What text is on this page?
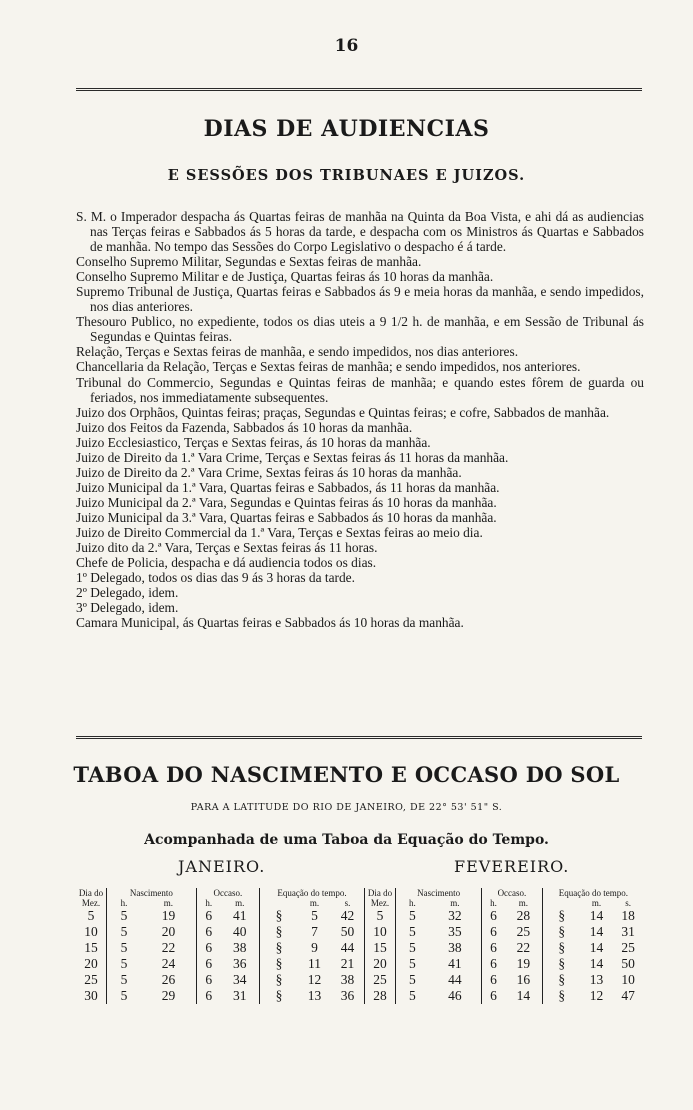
16
DIAS DE AUDIENCIAS
E SESSÕES DOS TRIBUNAES E JUIZOS.
S. M. o Imperador despacha ás Quartas feiras de manhãa na Quinta da Boa Vista, e ahi dá as audiencias nas Terças feiras e Sabbados ás 5 horas da tarde, e despacha com os Ministros ás Quartas e Sabbados de manhãa. No tempo das Sessões do Corpo Legislativo o despacho é á tarde.
Conselho Supremo Militar, Segundas e Sextas feiras de manhãa.
Conselho Supremo Militar e de Justiça, Quartas feiras ás 10 horas da manhãa.
Supremo Tribunal de Justiça, Quartas feiras e Sabbados ás 9 e meia horas da manhãa, e sendo impedidos, nos dias anteriores.
Thesouro Publico, no expediente, todos os dias uteis a 9 1/2 h. de manhãa, e em Sessão de Tribunal ás Segundas e Quintas feiras.
Relação, Terças e Sextas feiras de manhãa, e sendo impedidos, nos dias anteriores.
Chancellaria da Relação, Terças e Sextas feiras de manhãa; e sendo impedidos, nos anteriores.
Tribunal do Commercio, Segundas e Quintas feiras de manhãa; e quando estes fôrem de guarda ou feriados, nos immediatamente subsequentes.
Juizo dos Orphãos, Quintas feiras; praças, Segundas e Quintas feiras; e cofre, Sabbados de manhãa.
Juizo dos Feitos da Fazenda, Sabbados ás 10 horas da manhãa.
Juizo Ecclesiastico, Terças e Sextas feiras, ás 10 horas da manhãa.
Juizo de Direito da 1.ª Vara Crime, Terças e Sextas feiras ás 11 horas da manhãa.
Juizo de Direito da 2.ª Vara Crime, Sextas feiras ás 10 horas da manhãa.
Juizo Municipal da 1.ª Vara, Quartas feiras e Sabbados, ás 11 horas da manhãa.
Juizo Municipal da 2.ª Vara, Segundas e Quintas feiras ás 10 horas da manhãa.
Juizo Municipal da 3.ª Vara, Quartas feiras e Sabbados ás 10 horas da manhãa.
Juizo de Direito Commercial da 1.ª Vara, Terças e Sextas feiras ao meio dia.
Juizo dito da 2.ª Vara, Terças e Sextas feiras ás 11 horas.
Chefe de Policia, despacha e dá audiencia todos os dias.
1º Delegado, todos os dias das 9 ás 3 horas da tarde.
2º Delegado, idem.
3º Delegado, idem.
Camara Municipal, ás Quartas feiras e Sabbados ás 10 horas da manhãa.
TABOA DO NASCIMENTO E OCCASO DO SOL
PARA A LATITUDE DO RIO DE JANEIRO, DE 22° 53' 51" S.
Acompanhada de uma Taboa da Equação do Tempo.
JANEIRO.	FEVEREIRO.
Dia do Mez.	Nascimento		Occaso.		Equação do tempo.		
	h.	m.	h.	m.		m.	s.
5	5	19	6	41	§	5	42
10	5	20	6	40	§	7	50
15	5	22	6	38	§	9	44
20	5	24	6	36	§	11	21
25	5	26	6	34	§	12	38
30	5	29	6	31	§	13	36
Dia do Mez.	Nascimento		Occaso.		Equação do tempo.		
	h.	m.	h.	m.		m.	s.
5	5	32	6	28	§	14	18
10	5	35	6	25	§	14	31
15	5	38	6	22	§	14	25
20	5	41	6	19	§	14	50
25	5	44	6	16	§	13	10
28	5	46	6	14	§	12	47
